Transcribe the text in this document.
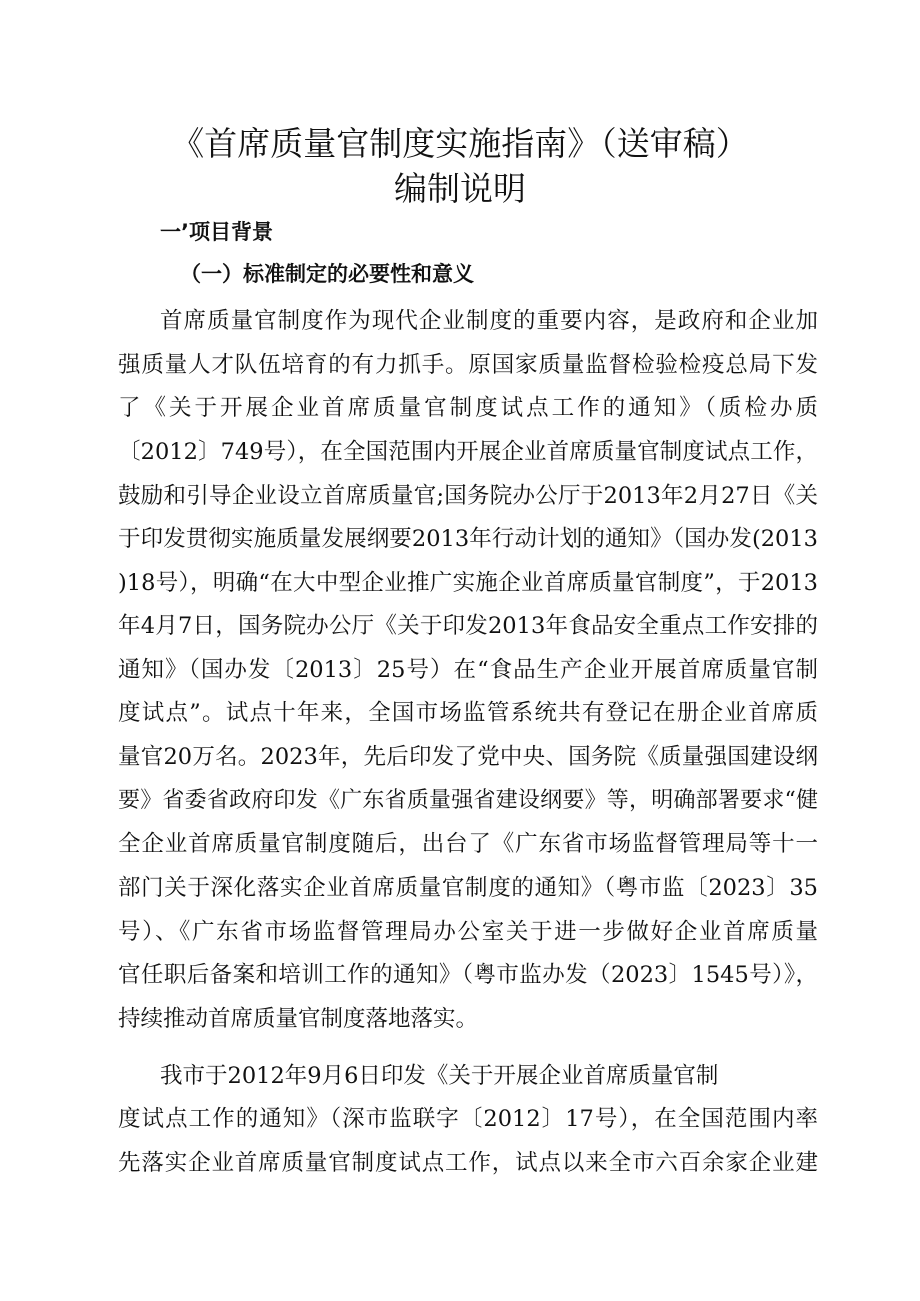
《首席质量官制度实施指南》（送审稿）
编制说明
一’项目背景
（一）标准制定的必要性和意义
首席质量官制度作为现代企业制度的重要内容，是政府和企业加
强质量人才队伍培育的有力抓手。原国家质量监督检验检疫总局下发
了《关于开展企业首席质量官制度试点工作的通知》（质检办质
〔2012〕749号），在全国范围内开展企业首席质量官制度试点工作，
鼓励和引导企业设立首席质量官;国务院办公厅于2013年2月27日《关
于印发贯彻实施质量发展纲要2013年行动计划的通知》（国办发(2013
)18号），明确“在大中型企业推广实施企业首席质量官制度”，于2013
年4月7日，国务院办公厅《关于印发2013年食品安全重点工作安排的
通知》（国办发〔2013〕25号）在“食品生产企业开展首席质量官制
度试点”。试点十年来，全国市场监管系统共有登记在册企业首席质
量官20万名。2023年，先后印发了党中央、国务院《质量强国建设纲
要》省委省政府印发《广东省质量强省建设纲要》等，明确部署要求“健
全企业首席质量官制度随后，出台了《广东省市场监督管理局等十一
部门关于深化落实企业首席质量官制度的通知》（粤市监〔2023〕35
号）、《广东省市场监督管理局办公室关于进一步做好企业首席质量
官任职后备案和培训工作的通知》（粤市监办发（2023〕1545号）》，
持续推动首席质量官制度落地落实。
我市于2012年9月6日印发《关于开展企业首席质量官制
度试点工作的通知》（深市监联字〔2012〕17号），在全国范围内率
先落实企业首席质量官制度试点工作，试点以来全市六百余家企业建
